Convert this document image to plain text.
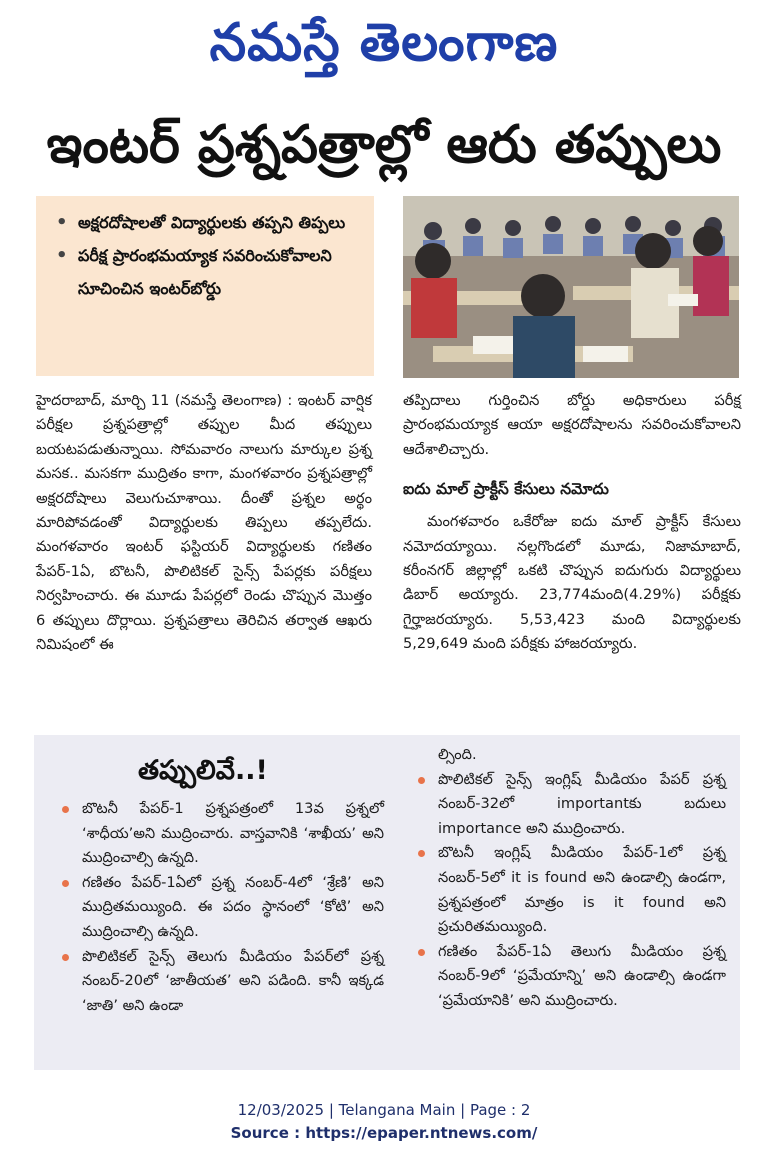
నమస్తే తెలంగాణ
ఇంటర్ ప్రశ్నపత్రాల్లో ఆరు తప్పులు
• అక్షరదోషాలతో విద్యార్థులకు తప్పని తిప్పలు
• పరీక్ష ప్రారంభమయ్యాక సవరించుకోవాలని సూచించిన ఇంటర్‌బోర్డు

హైదరాబాద్, మార్చి 11 (నమస్తే తెలంగాణ) : ఇంటర్ వార్షిక పరీక్షల ప్రశ్నపత్రాల్లో తప్పుల మీద తప్పులు బయటపడుతున్నాయి. సోమవారం నాలుగు మార్కుల ప్రశ్న మసక.. మసకగా ముద్రితం కాగా, మంగళవారం ప్రశ్నపత్రాల్లో అక్షరదోషాలు వెలుగుచూశాయి. దీంతో ప్రశ్నల అర్థం మారిపోవడంతో విద్యార్థులకు తిప్పలు తప్పలేదు. మంగళవారం ఇంటర్ ఫస్టియర్ విద్యార్థులకు గణితం పేపర్-1ఏ, బొటనీ, పొలిటికల్ సైన్స్ పేపర్లకు పరీక్షలు నిర్వహించారు. ఈ మూడు పేపర్లలో రెండు చొప్పున మొత్తం 6 తప్పులు దొర్లాయి. ప్రశ్నపత్రాలు తెరిచిన తర్వాత ఆఖరు నిమిషంలో ఈ

తప్పిదాలు గుర్తించిన బోర్డు అధికారులు పరీక్ష ప్రారంభమయ్యాక ఆయా అక్షరదోషాలను సవరించుకోవాలని ఆదేశాలిచ్చారు.

ఐదు మాల్ ప్రాక్టీస్ కేసులు నమోదు

మంగళవారం ఒకేరోజు ఐదు మాల్ ప్రాక్టీస్ కేసులు నమోదయ్యాయి. నల్లగొండలో మూడు, నిజామాబాద్, కరీంనగర్ జిల్లాల్లో ఒకటి చొప్పున ఐదుగురు విద్యార్థులు డిబార్ అయ్యారు. 23,774మంది(4.29%) పరీక్షకు గైర్హాజరయ్యారు. 5,53,423 మంది విద్యార్థులకు 5,29,649 మంది పరీక్షకు హాజరయ్యారు.

తప్పులివే..!
బొటనీ పేపర్-1 ప్రశ్నపత్రంలో 13వ ప్రశ్నలో ‘శాధీయ’అని ముద్రించారు. వాస్తవానికి ‘శాఖీయ’ అని ముద్రించాల్సి ఉన్నది.
గణితం పేపర్-1ఏలో ప్రశ్న నంబర్-4లో ‘శ్రేణి’ అని ముద్రితమయ్యింది. ఈ పదం స్థానంలో ‘కోటి’ అని ముద్రించాల్సి ఉన్నది.
పొలిటికల్ సైన్స్ తెలుగు మీడియం పేపర్‌లో ప్రశ్న నంబర్-20లో ‘జాతీయత’ అని పడింది. కానీ ఇక్కడ ‘జాతి’ అని ఉండా
ల్సింది.
పొలిటికల్ సైన్స్ ఇంగ్లిష్ మీడియం పేపర్ ప్రశ్న నంబర్-32లో importantకు బదులు importance అని ముద్రించారు.
బొటనీ ఇంగ్లిష్ మీడియం పేపర్-1లో ప్రశ్న నంబర్-5లో it is found అని ఉండాల్సి ఉండగా, ప్రశ్నపత్రంలో మాత్రం is it found అని ప్రచురితమయ్యింది.
గణితం పేపర్-1ఏ తెలుగు మీడియం ప్రశ్న నంబర్-9లో ‘ప్రమేయాన్ని’ అని ఉండాల్సి ఉండగా ‘ప్రమేయానికి’ అని ముద్రించారు.
12/03/2025 | Telangana Main | Page : 2
Source : https://epaper.ntnews.com/
